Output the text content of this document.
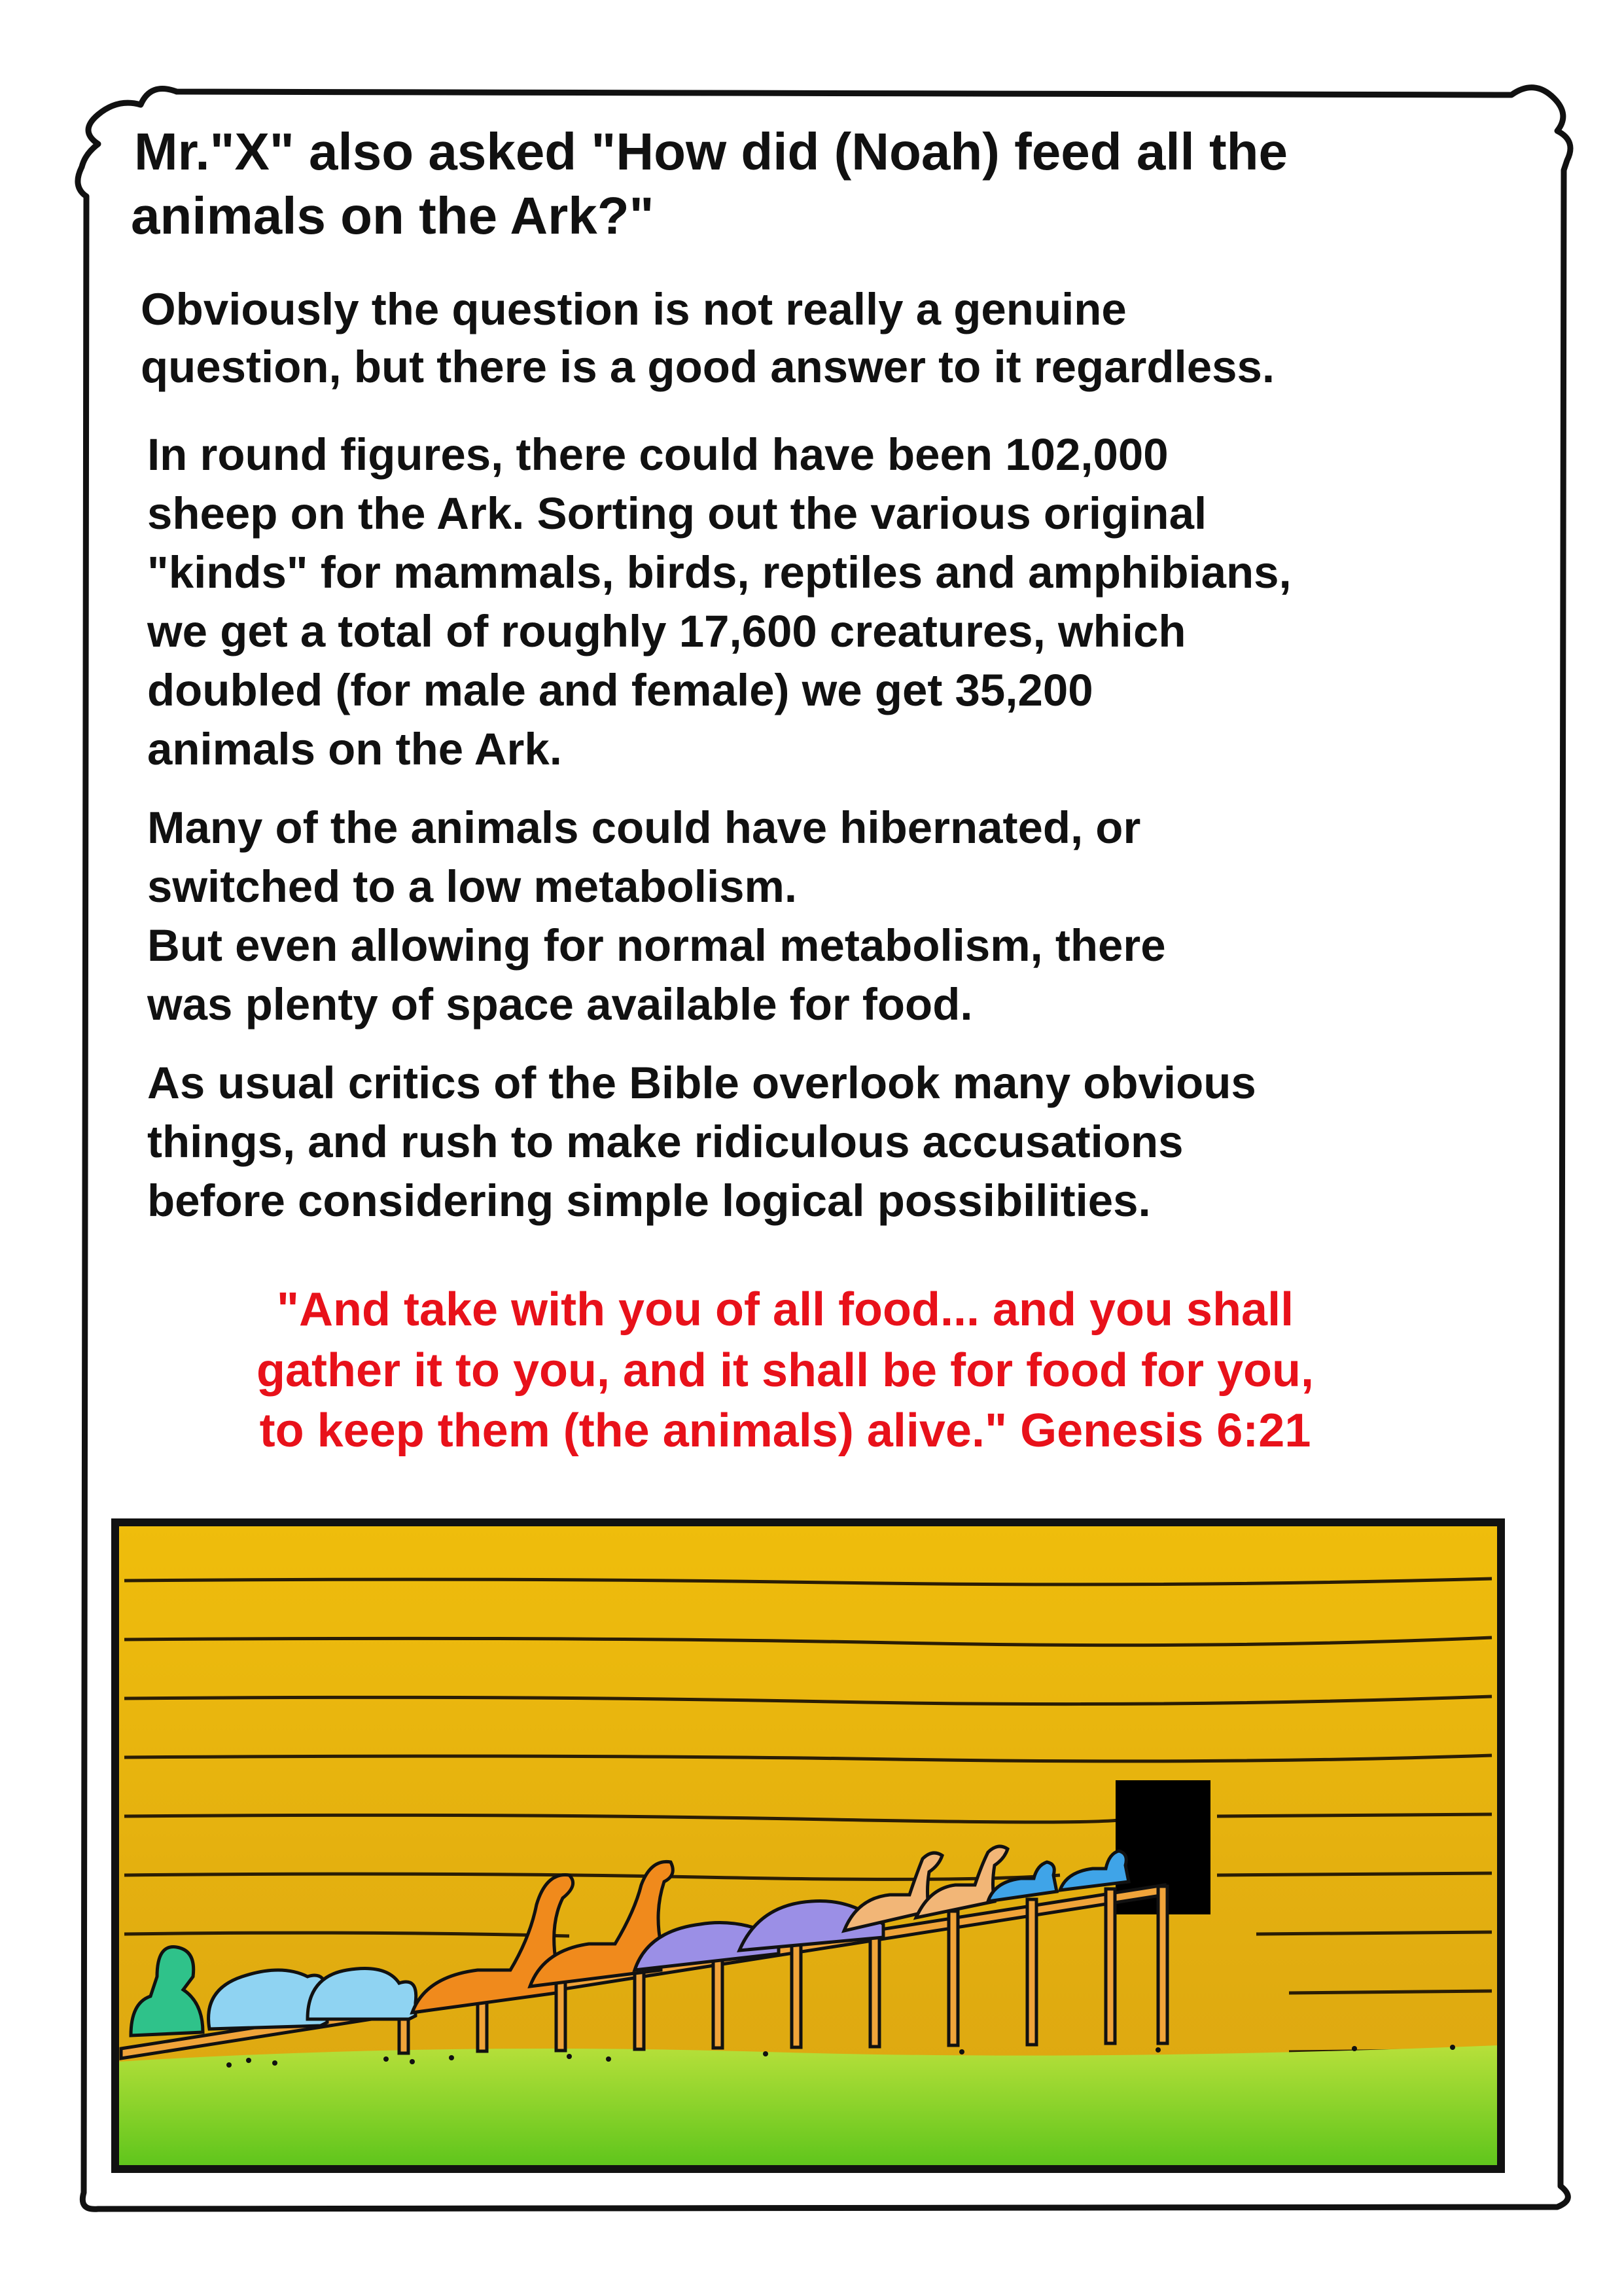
Mr."X" also asked "How did (Noah) feed all the
animals on the Ark?"
Obviously the question is not really a genuine
question, but there is a good answer to it regardless.
In round figures, there could have been 102,000
sheep on the Ark. Sorting out the various original
"kinds" for mammals, birds, reptiles and amphibians,
we get a total of roughly 17,600 creatures, which
doubled (for male and female) we get 35,200
animals on the Ark.
Many of the animals could have hibernated, or
switched to a low metabolism.
But even allowing for normal metabolism, there
was plenty of space available for food.
As usual critics of the Bible overlook many obvious
things, and rush to make ridiculous accusations
before considering simple logical possibilities.
"And take with you of all food... and you shall
gather it to you, and it shall be for food for you,
to keep them (the animals) alive." Genesis 6:21
